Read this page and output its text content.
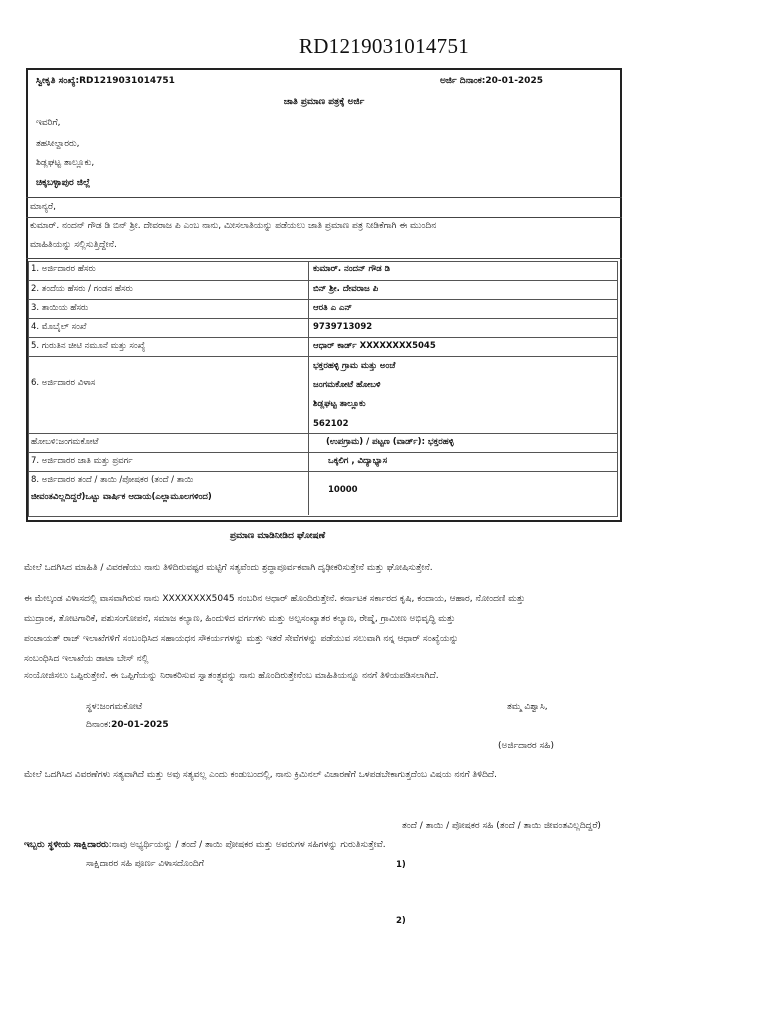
RD1219031014751
ಸ್ವೀಕೃತಿ ಸಂಖ್ಯೆ:RD1219031014751	ಅರ್ಜಿ ದಿನಾಂಕ:20-01-2025
ಜಾತಿ ಪ್ರಮಾಣ ಪತ್ರಕ್ಕೆ ಅರ್ಜಿ
ಇವರಿಗೆ,
ತಹಸೀಲ್ದಾರರು,
ಶಿಡ್ಲಘಟ್ಟ ತಾಲ್ಲೂಕು,
ಚಿಕ್ಕಬಳ್ಳಾಪುರ ಜಿಲ್ಲೆ
ಮಾನ್ಯರೆ,
ಕುಮಾರ್. ನಂದನ್ ಗೌಡ ಡಿ ಬಿನ್ ಶ್ರೀ. ದೇವರಾಜ ಪಿ ಎಂಬ ನಾನು, ಮೀಸಲಾತಿಯನ್ನು ಪಡೆಯಲು ಜಾತಿ ಪ್ರಮಾಣ ಪತ್ರ ನೀಡಿಕೆಗಾಗಿ ಈ ಮುಂದಿನ
ಮಾಹಿತಿಯನ್ನು ಸಲ್ಲಿಸುತ್ತಿದ್ದೇನೆ.
1. ಅರ್ಜಿದಾರರ ಹೆಸರು	ಕುಮಾರ್. ನಂದನ್ ಗೌಡ ಡಿ
2. ತಂದೆಯ ಹೆಸರು / ಗಂಡನ ಹೆಸರು	ಬಿನ್ ಶ್ರೀ. ದೇವರಾಜ ಪಿ
3. ತಾಯಿಯ ಹೆಸರು	ಆರತಿ ಎ ಎನ್
4. ಮೊಬೈಲ್ ಸಂಖೆ	9739713092
5. ಗುರುತಿನ ಚೀಟಿ ನಮೂನೆ ಮತ್ತು ಸಂಖ್ಯೆ	ಆಧಾರ್ ಕಾರ್ಡ್ XXXXXXXX5045
ಭಕ್ತರಹಳ್ಳಿ ಗ್ರಾಮ ಮತ್ತು ಅಂಚೆ
6. ಅರ್ಜಿದಾರರ ವಿಳಾಸ	ಜಂಗಮಕೋಟೆ ಹೋಬಳಿ
ಶಿಡ್ಲಘಟ್ಟ ತಾಲ್ಲೂಕು
562102
ಹೋಬಳಿ:ಜಂಗಮಕೋಟೆ	(ಉಪಗ್ರಾಮ) / ಪಟ್ಟಣ (ವಾರ್ಡ್): ಭಕ್ತರಹಳ್ಳಿ
7. ಅರ್ಜಿದಾರರ ಜಾತಿ ಮತ್ತು ಪ್ರವರ್ಗ	ಒಕ್ಕಲಿಗ , ವಿದ್ಯಾಭ್ಯಾಸ
8. ಅರ್ಜಿದಾರರ ತಂದೆ / ತಾಯಿ /ಪೋಷಕರ (ತಂದೆ / ತಾಯಿ
ಜೀವಂತವಿಲ್ಲದಿದ್ದರೆ)ಒಟ್ಟು ವಾರ್ಷಿಕ ಆದಾಯ(ಎಲ್ಲಾಮೂಲಗಳಿಂದ)
10000
ಪ್ರಮಾಣ ಮಾಡಿನೀಡಿದ ಘೋಷಣೆ
ಮೇಲೆ ಒದಗಿಸಿದ ಮಾಹಿತಿ / ವಿವರಣೆಯು ನಾನು ತಿಳಿದಿರುವಷ್ಟರ ಮಟ್ಟಿಗೆ ಸತ್ಯವೆಂದು ಶ್ರದ್ಧಾಪೂರ್ವಕವಾಗಿ ದೃಢೀಕರಿಸುತ್ತೇನೆ ಮತ್ತು ಘೋಷಿಸುತ್ತೇನೆ.
ಈ ಮೇಲ್ಕಂಡ ವಿಳಾಸದಲ್ಲಿ ವಾಸವಾಗಿರುವ ನಾನು XXXXXXXX5045 ನಂಬರಿನ ಆಧಾರ್ ಹೊಂದಿರುತ್ತೇನೆ. ಕರ್ನಾಟಕ ಸರ್ಕಾರದ ಕೃಷಿ, ಕಂದಾಯ, ಆಹಾರ, ನೋಂದಣಿ ಮತ್ತು
ಮುದ್ರಾಂಕ, ತೋಟಗಾರಿಕೆ, ಪಶುಸಂಗೋಪನೆ, ಸಮಾಜ ಕಲ್ಯಾಣ, ಹಿಂದುಳಿದ ವರ್ಗಗಳು ಮತ್ತು ಅಲ್ಪಸಂಖ್ಯಾತರ ಕಲ್ಯಾಣ, ರೇಷ್ಮೆ, ಗ್ರಾಮೀಣ ಅಭಿವೃದ್ಧಿ ಮತ್ತು
ಪಂಚಾಯತ್ ರಾಜ್ ಇಲಾಖೆಗಳಿಗೆ ಸಂಬಂಧಿಸಿದ ಸಹಾಯಧನ ಸೌಕರ್ಯಗಳನ್ನು ಮತ್ತು ಇತರೆ ಸೇವೆಗಳನ್ನು ಪಡೆಯುವ ಸಲುವಾಗಿ ನನ್ನ ಆಧಾರ್ ಸಂಖ್ಯೆಯನ್ನು
ಸಂಬಂಧಿಸಿದ ಇಲಾಖೆಯ ಡಾಟಾ ಬೇಸ್ ನಲ್ಲಿ
ಸಂಯೋಜಿಸಲು ಒಪ್ಪಿರುತ್ತೇನೆ. ಈ ಒಪ್ಪಿಗೆಯನ್ನು ನಿರಾಕರಿಸುವ ಸ್ವಾತಂತ್ರ್ಯವನ್ನು ನಾನು ಹೊಂದಿರುತ್ತೇನೆಂಬ ಮಾಹಿತಿಯನ್ನೂ ನನಗೆ ತಿಳಿಯಪಡಿಸಲಾಗಿದೆ.
ಸ್ಥಳ:ಜಂಗಮಕೋಟೆ	ತಮ್ಮ ವಿಶ್ವಾಸಿ,
ದಿನಾಂಕ:20-01-2025
(ಅರ್ಜಿದಾರರ ಸಹಿ)
ಮೇಲೆ ಒದಗಿಸಿದ ವಿವರಣೆಗಳು ಸತ್ಯವಾಗಿದೆ ಮತ್ತು ಅವು ಸತ್ಯವಲ್ಲ ಎಂದು ಕಂಡುಬಂದಲ್ಲಿ, ನಾನು ಕ್ರಿಮಿನಲ್ ವಿಚಾರಣೆಗೆ ಒಳಪಡಬೇಕಾಗುತ್ತದೆಂಬ ವಿಷಯ ನನಗೆ ತಿಳಿದಿದೆ.
ತಂದೆ / ತಾಯಿ / ಪೋಷಕರ ಸಹಿ (ತಂದೆ / ತಾಯಿ ಜೀವಂತವಿಲ್ಲದಿದ್ದರೆ)
ಇಬ್ಬರು ಸ್ಥಳೀಯ ಸಾಕ್ಷಿದಾರರು:ನಾವು ಅಭ್ಯರ್ಥಿಯನ್ನು / ತಂದೆ / ತಾಯಿ ಪೋಷಕರ ಮತ್ತು ಅವರುಗಳ ಸಹಿಗಳನ್ನು ಗುರುತಿಸುತ್ತೇವೆ.
ಸಾಕ್ಷಿದಾರರ ಸಹಿ ಪೂರ್ಣ ವಿಳಾಸದೊಂದಿಗೆ	1)
2)
